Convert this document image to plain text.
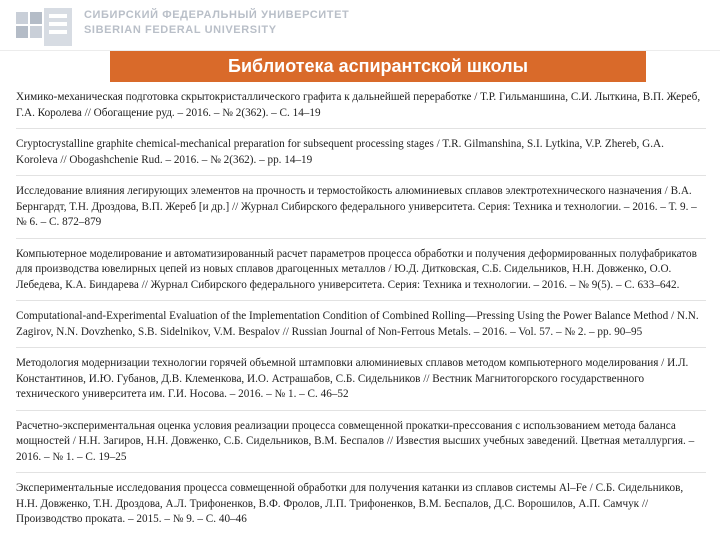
СИБИРСКИЙ ФЕДЕРАЛЬНЫЙ УНИВЕРСИТЕТ
SIBERIAN FEDERAL UNIVERSITY
Библиотека аспирантской школы
Химико-механическая подготовка скрытокристаллического графита к дальнейшей переработке / Т.Р. Гильманшина, С.И. Лыткина, В.П. Жереб, Г.А. Королева // Обогащение руд. – 2016. – № 2(362). – С. 14–19
Cryptocrystalline graphite chemical-mechanical preparation for subsequent processing stages / T.R. Gilmanshina, S.I. Lytkina, V.P. Zhereb, G.A. Koroleva // Obogashchenie Rud. – 2016. – № 2(362). – pp. 14–19
Исследование влияния легирующих элементов на прочность и термостойкость алюминиевых сплавов электротехнического назначения / В.А. Бернгардт, Т.Н. Дроздова, В.П. Жереб [и др.] // Журнал Сибирского федерального университета. Серия: Техника и технологии. – 2016. – Т. 9. – № 6. – С. 872–879
Компьютерное моделирование и автоматизированный расчет параметров процесса обработки и получения деформированных полуфабрикатов для производства ювелирных цепей из новых сплавов драгоценных металлов / Ю.Д. Дитковская, С.Б. Сидельников, Н.Н. Довженко, О.О. Лебедева, К.А. Биндарева // Журнал Сибирского федерального университета. Серия: Техника и технологии. – 2016. – № 9(5). – С. 633–642.
Computational-and-Experimental Evaluation of the Implementation Condition of Combined Rolling—Pressing Using the Power Balance Method / N.N. Zagirov, N.N. Dovzhenko, S.B. Sidelnikov, V.M. Bespalov // Russian Journal of Non-Ferrous Metals. – 2016. – Vol. 57. – № 2. – pp. 90–95
Методология модернизации технологии горячей объемной штамповки алюминиевых сплавов методом компьютерного моделирования / И.Л. Константинов, И.Ю. Губанов, Д.В. Клеменкова, И.О. Астрашабов, С.Б. Сидельников // Вестник Магнитогорского государственного технического университета им. Г.И. Носова. – 2016. – № 1. – С. 46–52
Расчетно-экспериментальная оценка условия реализации процесса совмещенной прокатки-прессования с использованием метода баланса мощностей / Н.Н. Загиров, Н.Н. Довженко, С.Б. Сидельников, В.М. Беспалов // Известия высших учебных заведений. Цветная металлургия. – 2016. – № 1. – С. 19–25
Экспериментальные исследования процесса совмещенной обработки для получения катанки из сплавов системы Al–Fe / С.Б. Сидельников, Н.Н. Довженко, Т.Н. Дроздова, А.Л. Трифоненков, В.Ф. Фролов, Л.П. Трифоненков, В.М. Беспалов, Д.С. Ворошилов, А.П. Самчук // Производство проката. – 2015. – № 9. – С. 40–46
